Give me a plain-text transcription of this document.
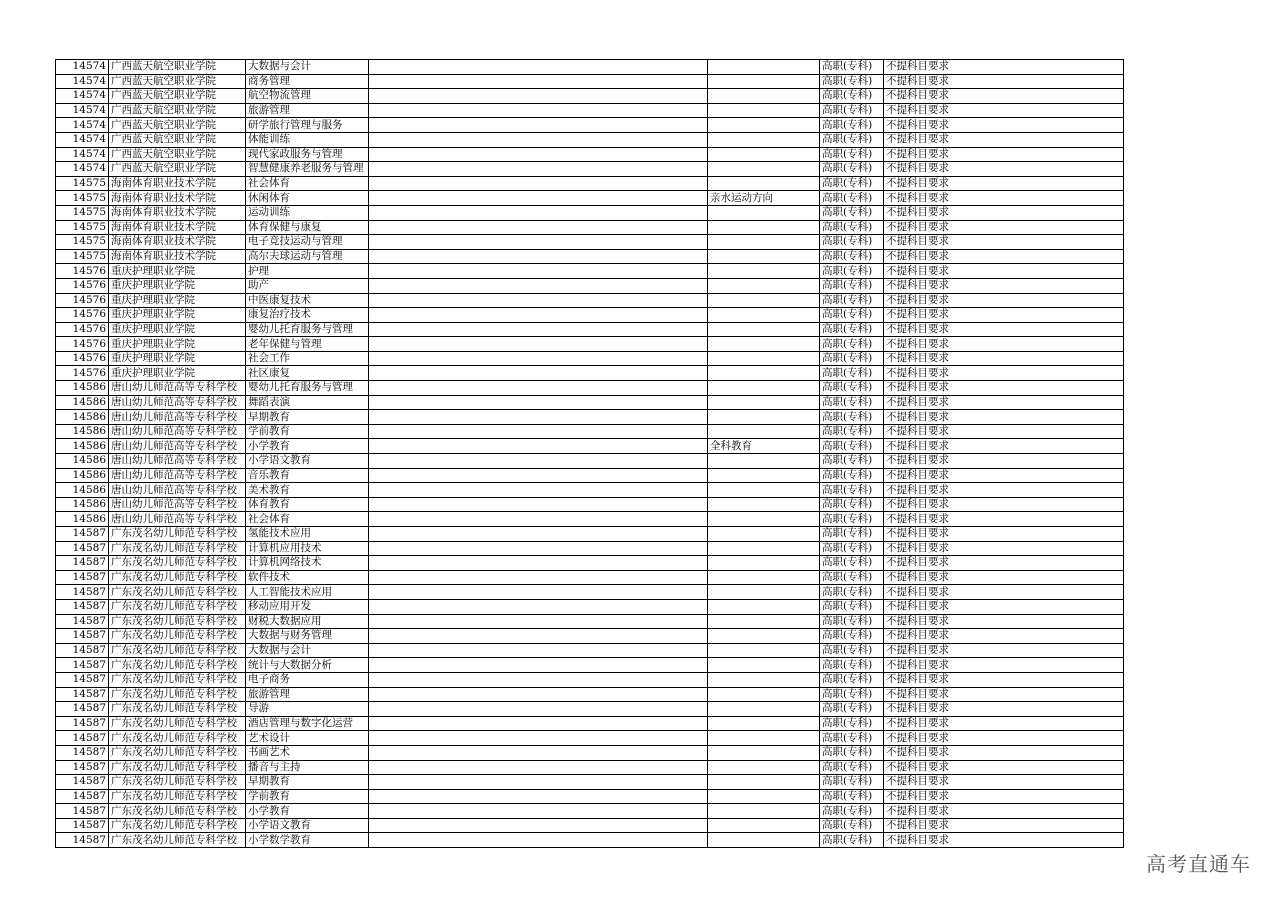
14574	广西蓝天航空职业学院	大数据与会计			高职(专科)	不提科目要求
14574	广西蓝天航空职业学院	商务管理			高职(专科)	不提科目要求
14574	广西蓝天航空职业学院	航空物流管理			高职(专科)	不提科目要求
14574	广西蓝天航空职业学院	旅游管理			高职(专科)	不提科目要求
14574	广西蓝天航空职业学院	研学旅行管理与服务			高职(专科)	不提科目要求
14574	广西蓝天航空职业学院	体能训练			高职(专科)	不提科目要求
14574	广西蓝天航空职业学院	现代家政服务与管理			高职(专科)	不提科目要求
14574	广西蓝天航空职业学院	智慧健康养老服务与管理			高职(专科)	不提科目要求
14575	海南体育职业技术学院	社会体育			高职(专科)	不提科目要求
14575	海南体育职业技术学院	休闲体育		亲水运动方向	高职(专科)	不提科目要求
14575	海南体育职业技术学院	运动训练			高职(专科)	不提科目要求
14575	海南体育职业技术学院	体育保健与康复			高职(专科)	不提科目要求
14575	海南体育职业技术学院	电子竞技运动与管理			高职(专科)	不提科目要求
14575	海南体育职业技术学院	高尔夫球运动与管理			高职(专科)	不提科目要求
14576	重庆护理职业学院	护理			高职(专科)	不提科目要求
14576	重庆护理职业学院	助产			高职(专科)	不提科目要求
14576	重庆护理职业学院	中医康复技术			高职(专科)	不提科目要求
14576	重庆护理职业学院	康复治疗技术			高职(专科)	不提科目要求
14576	重庆护理职业学院	婴幼儿托育服务与管理			高职(专科)	不提科目要求
14576	重庆护理职业学院	老年保健与管理			高职(专科)	不提科目要求
14576	重庆护理职业学院	社会工作			高职(专科)	不提科目要求
14576	重庆护理职业学院	社区康复			高职(专科)	不提科目要求
14586	唐山幼儿师范高等专科学校	婴幼儿托育服务与管理			高职(专科)	不提科目要求
14586	唐山幼儿师范高等专科学校	舞蹈表演			高职(专科)	不提科目要求
14586	唐山幼儿师范高等专科学校	早期教育			高职(专科)	不提科目要求
14586	唐山幼儿师范高等专科学校	学前教育			高职(专科)	不提科目要求
14586	唐山幼儿师范高等专科学校	小学教育		全科教育	高职(专科)	不提科目要求
14586	唐山幼儿师范高等专科学校	小学语文教育			高职(专科)	不提科目要求
14586	唐山幼儿师范高等专科学校	音乐教育			高职(专科)	不提科目要求
14586	唐山幼儿师范高等专科学校	美术教育			高职(专科)	不提科目要求
14586	唐山幼儿师范高等专科学校	体育教育			高职(专科)	不提科目要求
14586	唐山幼儿师范高等专科学校	社会体育			高职(专科)	不提科目要求
14587	广东茂名幼儿师范专科学校	氢能技术应用			高职(专科)	不提科目要求
14587	广东茂名幼儿师范专科学校	计算机应用技术			高职(专科)	不提科目要求
14587	广东茂名幼儿师范专科学校	计算机网络技术			高职(专科)	不提科目要求
14587	广东茂名幼儿师范专科学校	软件技术			高职(专科)	不提科目要求
14587	广东茂名幼儿师范专科学校	人工智能技术应用			高职(专科)	不提科目要求
14587	广东茂名幼儿师范专科学校	移动应用开发			高职(专科)	不提科目要求
14587	广东茂名幼儿师范专科学校	财税大数据应用			高职(专科)	不提科目要求
14587	广东茂名幼儿师范专科学校	大数据与财务管理			高职(专科)	不提科目要求
14587	广东茂名幼儿师范专科学校	大数据与会计			高职(专科)	不提科目要求
14587	广东茂名幼儿师范专科学校	统计与大数据分析			高职(专科)	不提科目要求
14587	广东茂名幼儿师范专科学校	电子商务			高职(专科)	不提科目要求
14587	广东茂名幼儿师范专科学校	旅游管理			高职(专科)	不提科目要求
14587	广东茂名幼儿师范专科学校	导游			高职(专科)	不提科目要求
14587	广东茂名幼儿师范专科学校	酒店管理与数字化运营			高职(专科)	不提科目要求
14587	广东茂名幼儿师范专科学校	艺术设计			高职(专科)	不提科目要求
14587	广东茂名幼儿师范专科学校	书画艺术			高职(专科)	不提科目要求
14587	广东茂名幼儿师范专科学校	播音与主持			高职(专科)	不提科目要求
14587	广东茂名幼儿师范专科学校	早期教育			高职(专科)	不提科目要求
14587	广东茂名幼儿师范专科学校	学前教育			高职(专科)	不提科目要求
14587	广东茂名幼儿师范专科学校	小学教育			高职(专科)	不提科目要求
14587	广东茂名幼儿师范专科学校	小学语文教育			高职(专科)	不提科目要求
14587	广东茂名幼儿师范专科学校	小学数学教育			高职(专科)	不提科目要求
高考直通车
